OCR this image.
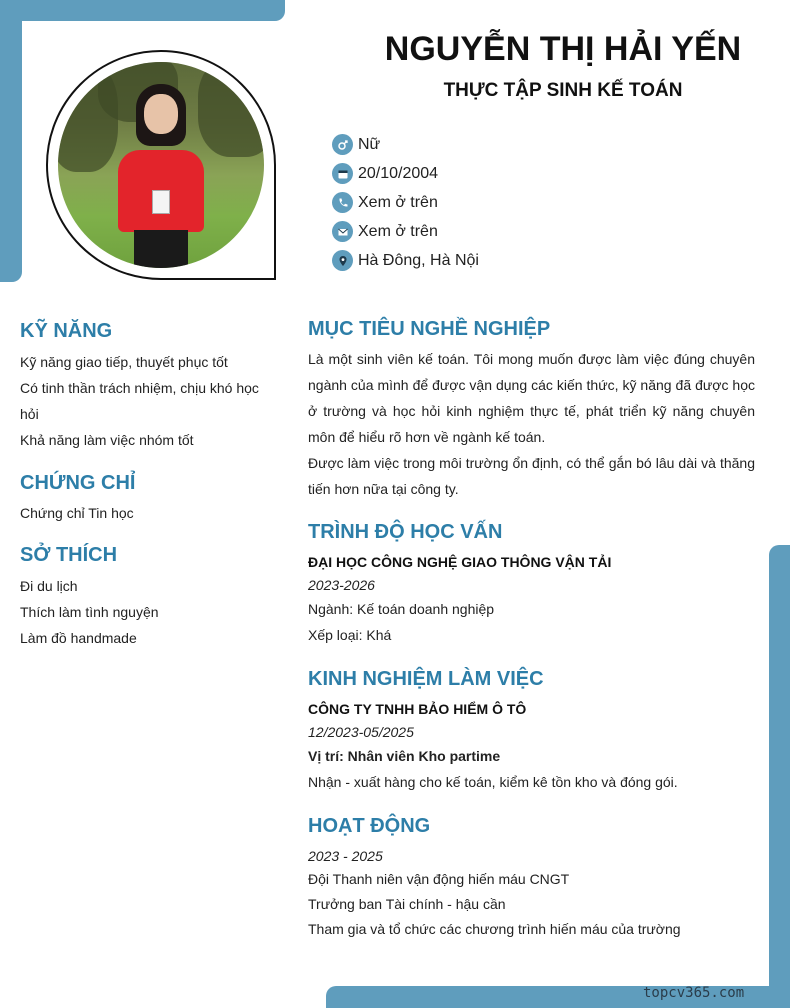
NGUYỄN THỊ HẢI YẾN
THỰC TẬP SINH KẾ TOÁN
Nữ
20/10/2004
Xem ở trên
Xem ở trên
Hà Đông, Hà Nội
KỸ NĂNG
Kỹ năng giao tiếp, thuyết phục tốt
Có tinh thần trách nhiệm, chịu khó học hỏi
Khả năng làm việc nhóm tốt
CHỨNG CHỈ
Chứng chỉ Tin học
SỞ THÍCH
Đi du lịch
Thích làm tình nguyện
Làm đồ handmade
MỤC TIÊU NGHỀ NGHIỆP
Là một sinh viên kế toán. Tôi mong muốn được làm việc đúng chuyên ngành của mình để được vận dụng các kiến thức, kỹ năng đã được học ở trường và học hỏi kinh nghiệm thực tế, phát triển kỹ năng chuyên môn để hiểu rõ hơn về ngành kế toán.
Được làm việc trong môi trường ổn định, có thể gắn bó lâu dài và thăng tiến hơn nữa tại công ty.
TRÌNH ĐỘ HỌC VẤN
ĐẠI HỌC CÔNG NGHỆ GIAO THÔNG VẬN TẢI
2023-2026
Ngành: Kế toán doanh nghiệp
Xếp loại: Khá
KINH NGHIỆM LÀM VIỆC
CÔNG TY TNHH BẢO HIỂM Ô TÔ
12/2023-05/2025
Vị trí: Nhân viên Kho partime
Nhận - xuất hàng cho kế toán, kiểm kê tồn kho và đóng gói.
HOẠT ĐỘNG
2023 - 2025
Đội Thanh niên vận động hiến máu CNGT
Trưởng ban Tài chính - hậu cần
Tham gia và tổ chức các chương trình hiến máu của trường
topcv365.com
